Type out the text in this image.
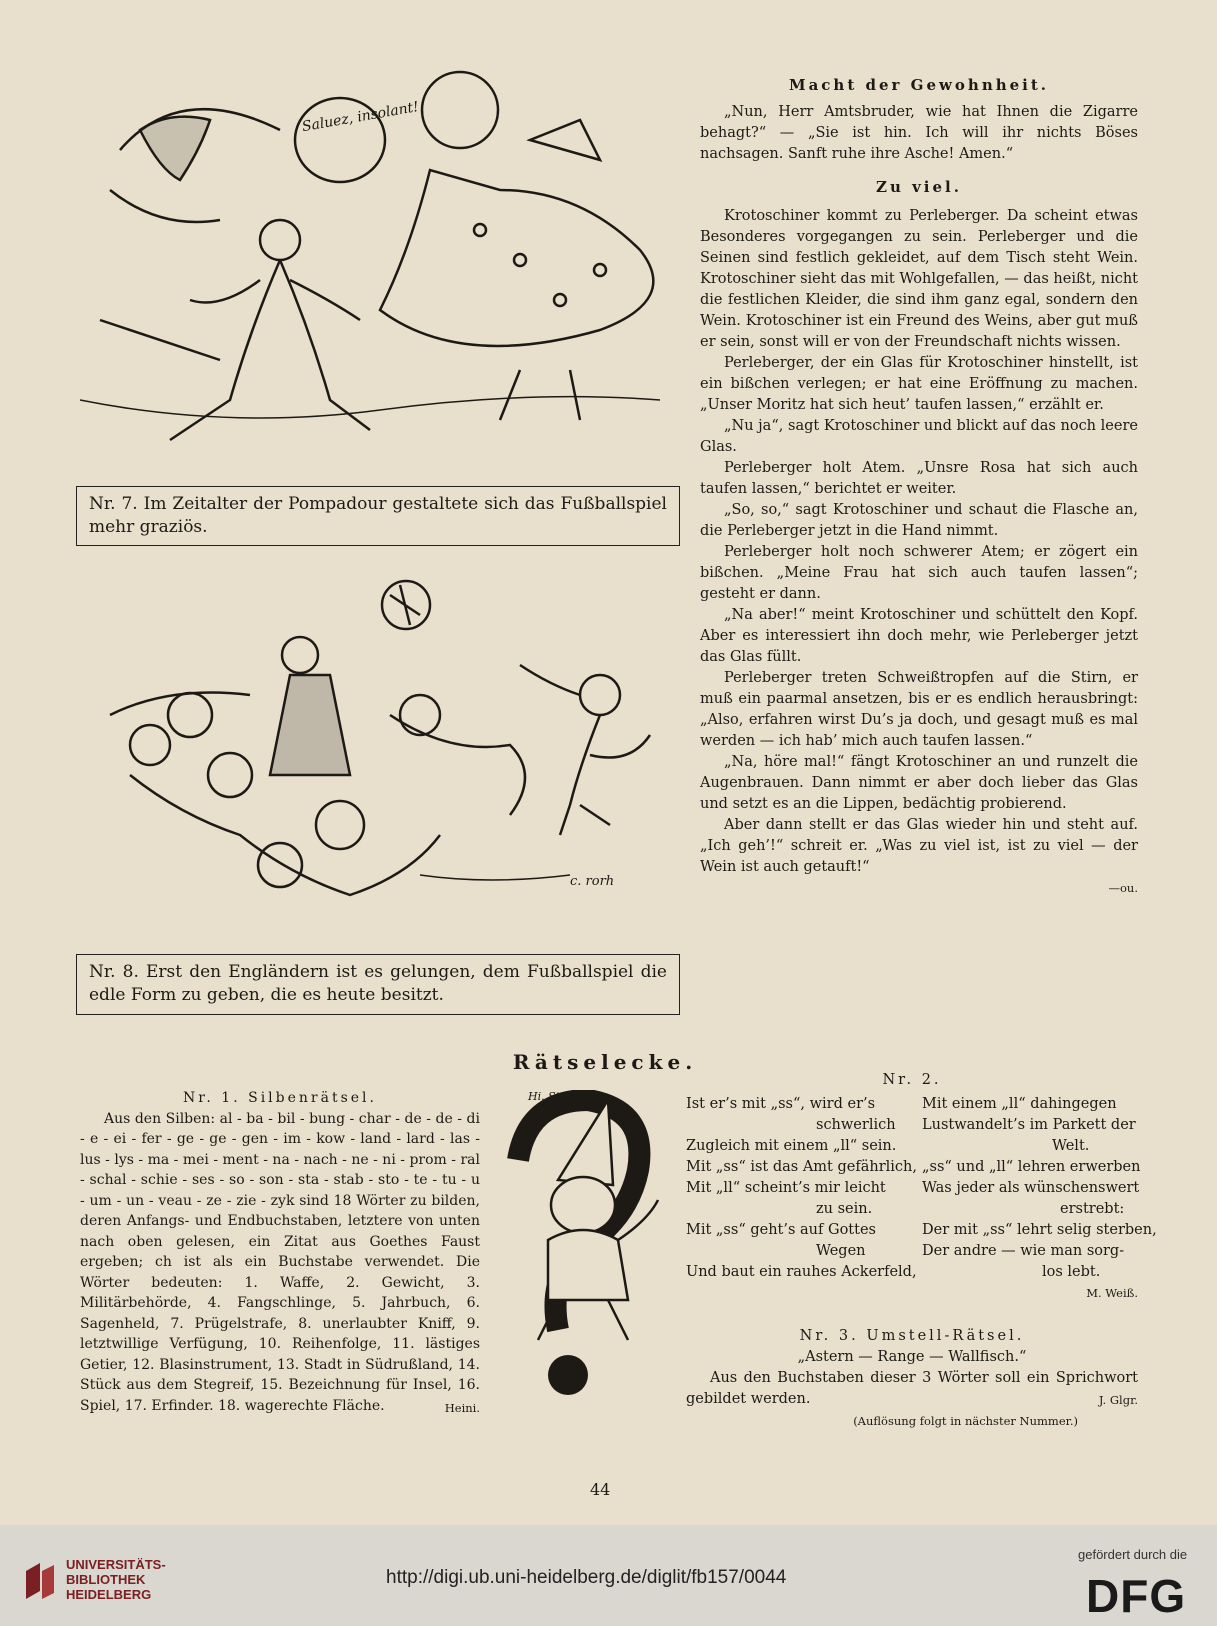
Saluez, insolant!
Nr. 7. Im Zeitalter der Pompadour gestaltete sich das Fußballspiel mehr graziös.
c. rorh
Nr. 8. Erst den Engländern ist es gelungen, dem Fußballspiel die edle Form zu geben, die es heute besitzt.

Macht der Gewohnheit.

„Nun, Herr Amtsbruder, wie hat Ihnen die Zigarre behagt?“ — „Sie ist hin. Ich will ihr nichts Böses nachsagen. Sanft ruhe ihre Asche! Amen.“

Zu viel.

Krotoschiner kommt zu Perleberger. Da scheint etwas Besonderes vorgegangen zu sein. Perleberger und die Seinen sind festlich gekleidet, auf dem Tisch steht Wein. Krotoschiner sieht das mit Wohlgefallen, — das heißt, nicht die festlichen Kleider, die sind ihm ganz egal, sondern den Wein. Krotoschiner ist ein Freund des Weins, aber gut muß er sein, sonst will er von der Freundschaft nichts wissen.

Perleberger, der ein Glas für Krotoschiner hinstellt, ist ein bißchen verlegen; er hat eine Eröffnung zu machen. „Unser Moritz hat sich heut’ taufen lassen,“ erzählt er.

„Nu ja“, sagt Krotoschiner und blickt auf das noch leere Glas.

Perleberger holt Atem. „Unsre Rosa hat sich auch taufen lassen,“ berichtet er weiter.

„So, so,“ sagt Krotoschiner und schaut die Flasche an, die Perleberger jetzt in die Hand nimmt.

Perleberger holt noch schwerer Atem; er zögert ein bißchen. „Meine Frau hat sich auch taufen lassen“; gesteht er dann.

„Na aber!“ meint Krotoschiner und schüttelt den Kopf. Aber es interessiert ihn doch mehr, wie Perleberger jetzt das Glas füllt.

Perleberger treten Schweißtropfen auf die Stirn, er muß ein paarmal ansetzen, bis er es endlich herausbringt: „Also, erfahren wirst Du’s ja doch, und gesagt muß es mal werden — ich hab’ mich auch taufen lassen.“

„Na, höre mal!“ fängt Krotoschiner an und runzelt die Augenbrauen. Dann nimmt er aber doch lieber das Glas und setzt es an die Lippen, bedächtig probierend.

Aber dann stellt er das Glas wieder hin und steht auf. „Ich geh’!“ schreit er. „Was zu viel ist, ist zu viel — der Wein ist auch getauft!“

—ou.

Rätselecke.

Nr. 1. Silbenrätsel.

Aus den Silben: al - ba - bil - bung - char - de - de - di - e - ei - fer - ge - ge - gen - im - kow - land - lard - las - lus - lys - ma - mei - ment - na - nach - ne - ni - prom - ral - schal - schie - ses - so - son - sta - stab - sto - te - tu - u - um - un - veau - ze - zie - zyk sind 18 Wörter zu bilden, deren Anfangs- und Endbuchstaben, letztere von unten nach oben gelesen, ein Zitat aus Goethes Faust ergeben; ch ist als ein Buchstabe verwendet. Die Wörter bedeuten: 1. Waffe, 2. Gewicht, 3. Militärbehörde, 4. Fangschlinge, 5. Jahrbuch, 6. Sagenheld, 7. Prügelstrafe, 8. unerlaubter Kniff, 9. letztwillige Verfügung, 10. Reihenfolge, 11. lästiges Getier, 12. Blasinstrument, 13. Stadt in Südrußland, 14. Stück aus dem Stegreif, 15. Bezeichnung für Insel, 16. Spiel, 17. Erfinder. 18. wagerechte Fläche.	Heini.

Hi. St.

Nr. 2.

Ist er’s mit „ss“, wird er’s
schwerlich
Zugleich mit einem „ll“ sein.
Mit „ss“ ist das Amt gefährlich,
Mit „ll“ scheint’s mir leicht
zu sein.
Mit „ss“ geht’s auf Gottes
Wegen
Und baut ein rauhes Ackerfeld,
Mit einem „ll“ dahingegen
Lustwandelt’s im Parkett der
Welt.
„ss“ und „ll“ lehren erwerben
Was jeder als wünschenswert
erstrebt:
Der mit „ss“ lehrt selig sterben,
Der andre — wie man sorg-
los lebt.
M. Weiß.

Nr. 3. Umstell-Rätsel.

„Astern — Range — Wallfisch.“

Aus den Buchstaben dieser 3 Wörter soll ein Sprichwort gebildet werden.	J. Glgr.

(Auflösung folgt in nächster Nummer.)

44
UNIVERSITÄTS-
BIBLIOTHEK
HEIDELBERG
http://digi.ub.uni-heidelberg.de/diglit/fb157/0044
gefördert durch die
DFG
